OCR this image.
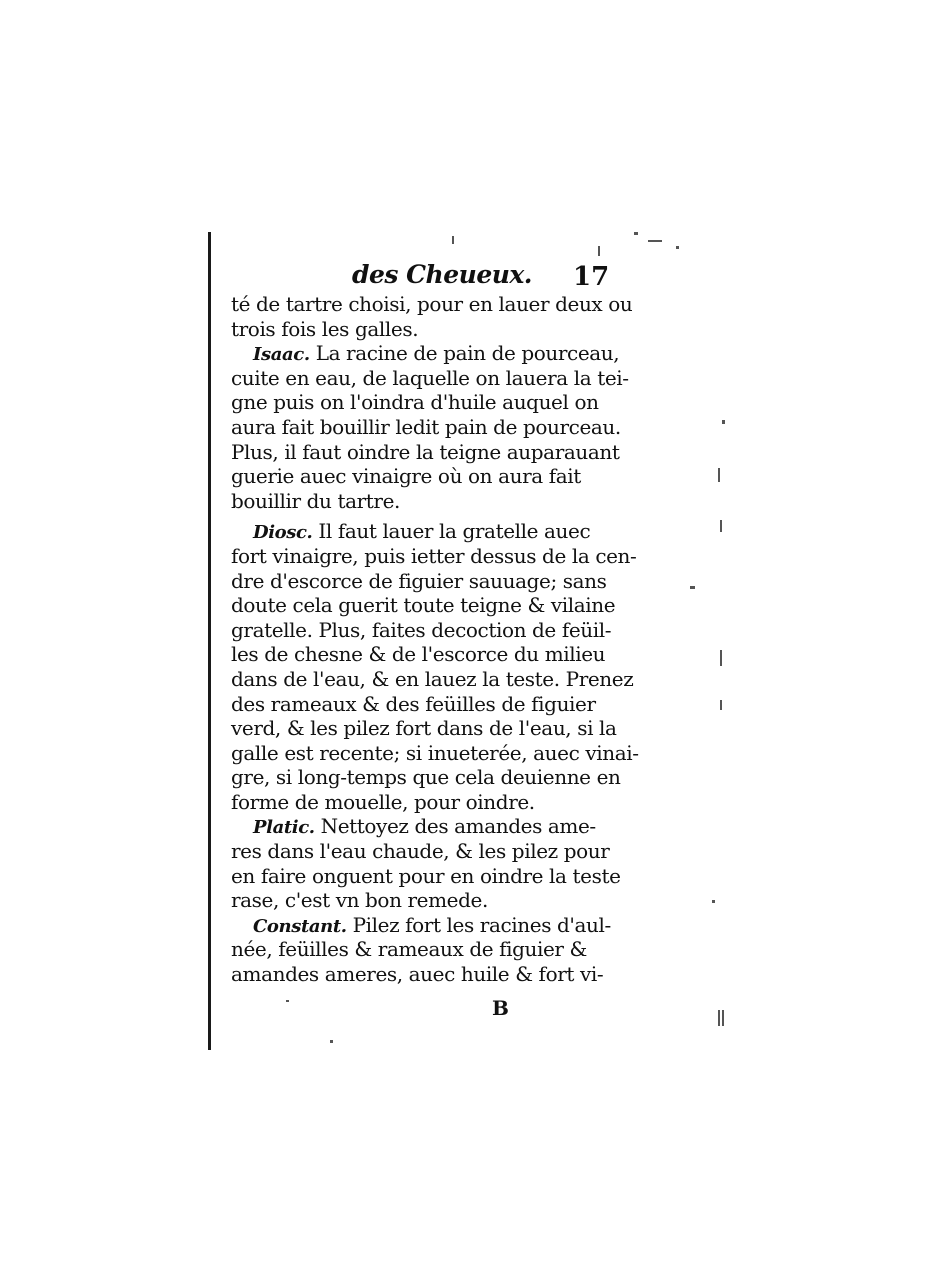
des Cheueux. 17
té de tartre choisi, pour en lauer deux ou
trois fois les galles.
Isaac. La racine de pain de pourceau,
cuite en eau, de laquelle on lauera la tei-
gne puis on l'oindra d'huile auquel on
aura fait bouillir ledit pain de pourceau.
Plus, il faut oindre la teigne auparauant
guerie auec vinaigre où on aura fait
bouillir du tartre.
Diosc. Il faut lauer la gratelle auec
fort vinaigre, puis ietter dessus de la cen-
dre d'escorce de figuier sauuage; sans
doute cela guerit toute teigne & vilaine
gratelle. Plus, faites decoction de feüil-
les de chesne & de l'escorce du milieu
dans de l'eau, & en lauez la teste. Prenez
des rameaux & des feüilles de figuier
verd, & les pilez fort dans de l'eau, si la
galle est recente; si inueterée, auec vinai-
gre, si long-temps que cela deuienne en
forme de mouelle, pour oindre.
Platic. Nettoyez des amandes ame-
res dans l'eau chaude, & les pilez pour
en faire onguent pour en oindre la teste
rase, c'est vn bon remede.
Constant. Pilez fort les racines d'aul-
née, feüilles & rameaux de figuier &
amandes ameres, auec huile & fort vi-
B
